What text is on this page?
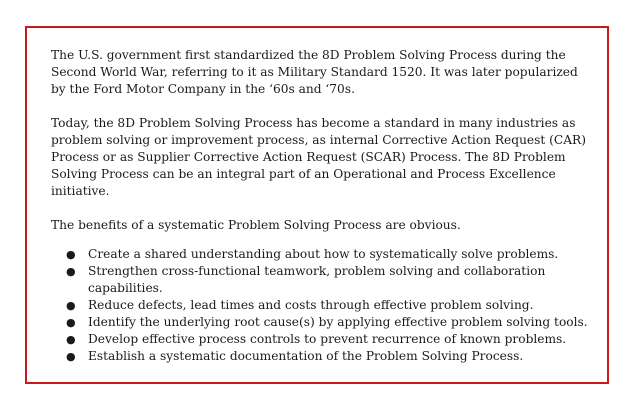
The U.S. government first standardized the 8D Problem Solving Process during the Second World War, referring to it as Military Standard 1520. It was later popularized by the Ford Motor Company in the ‘60s and ‘70s.

Today, the 8D Problem Solving Process has become a standard in many industries as problem solving or improvement process, as internal Corrective Action Request (CAR) Process or as Supplier Corrective Action Request (SCAR) Process. The 8D Problem Solving Process can be an integral part of an Operational and Process Excellence initiative.

The benefits of a systematic Problem Solving Process are obvious.

● Create a shared understanding about how to systematically solve problems.
● Strengthen cross-functional teamwork, problem solving and collaboration capabilities.
● Reduce defects, lead times and costs through effective problem solving.
● Identify the underlying root cause(s) by applying effective problem solving tools.
● Develop effective process controls to prevent recurrence of known problems.
● Establish a systematic documentation of the Problem Solving Process.
